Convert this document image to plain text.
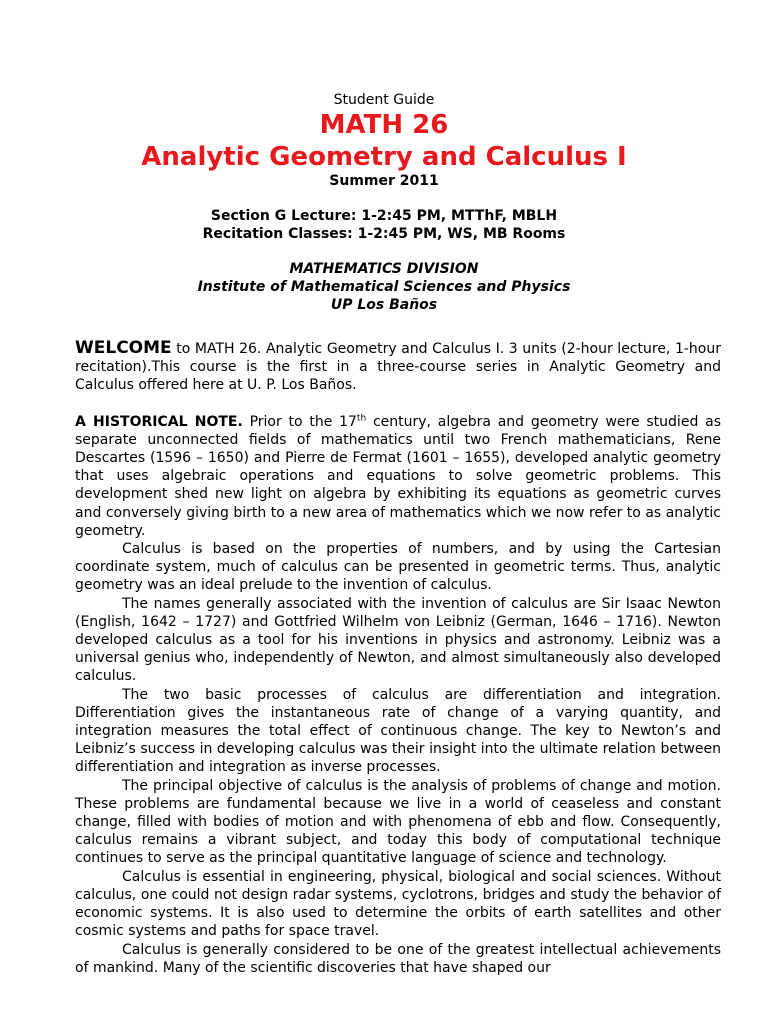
Student Guide
MATH 26
Analytic Geometry and Calculus I
Summer 2011
Section G Lecture: 1-2:45 PM, MTThF, MBLH
Recitation Classes: 1-2:45 PM, WS, MB Rooms
MATHEMATICS DIVISION
Institute of Mathematical Sciences and Physics
UP Los Baños

WELCOME to MATH 26. Analytic Geometry and Calculus I. 3 units (2-hour lecture, 1-hour recitation).This course is the first in a three-course series in Analytic Geometry and Calculus offered here at U. P. Los Baños.

A HISTORICAL NOTE. Prior to the 17th century, algebra and geometry were studied as separate unconnected fields of mathematics until two French mathematicians, Rene Descartes (1596 – 1650) and Pierre de Fermat (1601 – 1655), developed analytic geometry that uses algebraic operations and equations to solve geometric problems. This development shed new light on algebra by exhibiting its equations as geometric curves and conversely giving birth to a new area of mathematics which we now refer to as analytic geometry.

Calculus is based on the properties of numbers, and by using the Cartesian coordinate system, much of calculus can be presented in geometric terms. Thus, analytic geometry was an ideal prelude to the invention of calculus.

The names generally associated with the invention of calculus are Sir Isaac Newton (English, 1642 – 1727) and Gottfried Wilhelm von Leibniz (German, 1646 – 1716). Newton developed calculus as a tool for his inventions in physics and astronomy. Leibniz was a universal genius who, independently of Newton, and almost simultaneously also developed calculus.

The two basic processes of calculus are differentiation and integration. Differentiation gives the instantaneous rate of change of a varying quantity, and integration measures the total effect of continuous change. The key to Newton’s and Leibniz’s success in developing calculus was their insight into the ultimate relation between differentiation and integration as inverse processes.

The principal objective of calculus is the analysis of problems of change and motion. These problems are fundamental because we live in a world of ceaseless and constant change, filled with bodies of motion and with phenomena of ebb and flow. Consequently, calculus remains a vibrant subject, and today this body of computational technique continues to serve as the principal quantitative language of science and technology.

Calculus is essential in engineering, physical, biological and social sciences. Without calculus, one could not design radar systems, cyclotrons, bridges and study the behavior of economic systems. It is also used to determine the orbits of earth satellites and other cosmic systems and paths for space travel.

Calculus is generally considered to be one of the greatest intellectual achievements of mankind. Many of the scientific discoveries that have shaped our
